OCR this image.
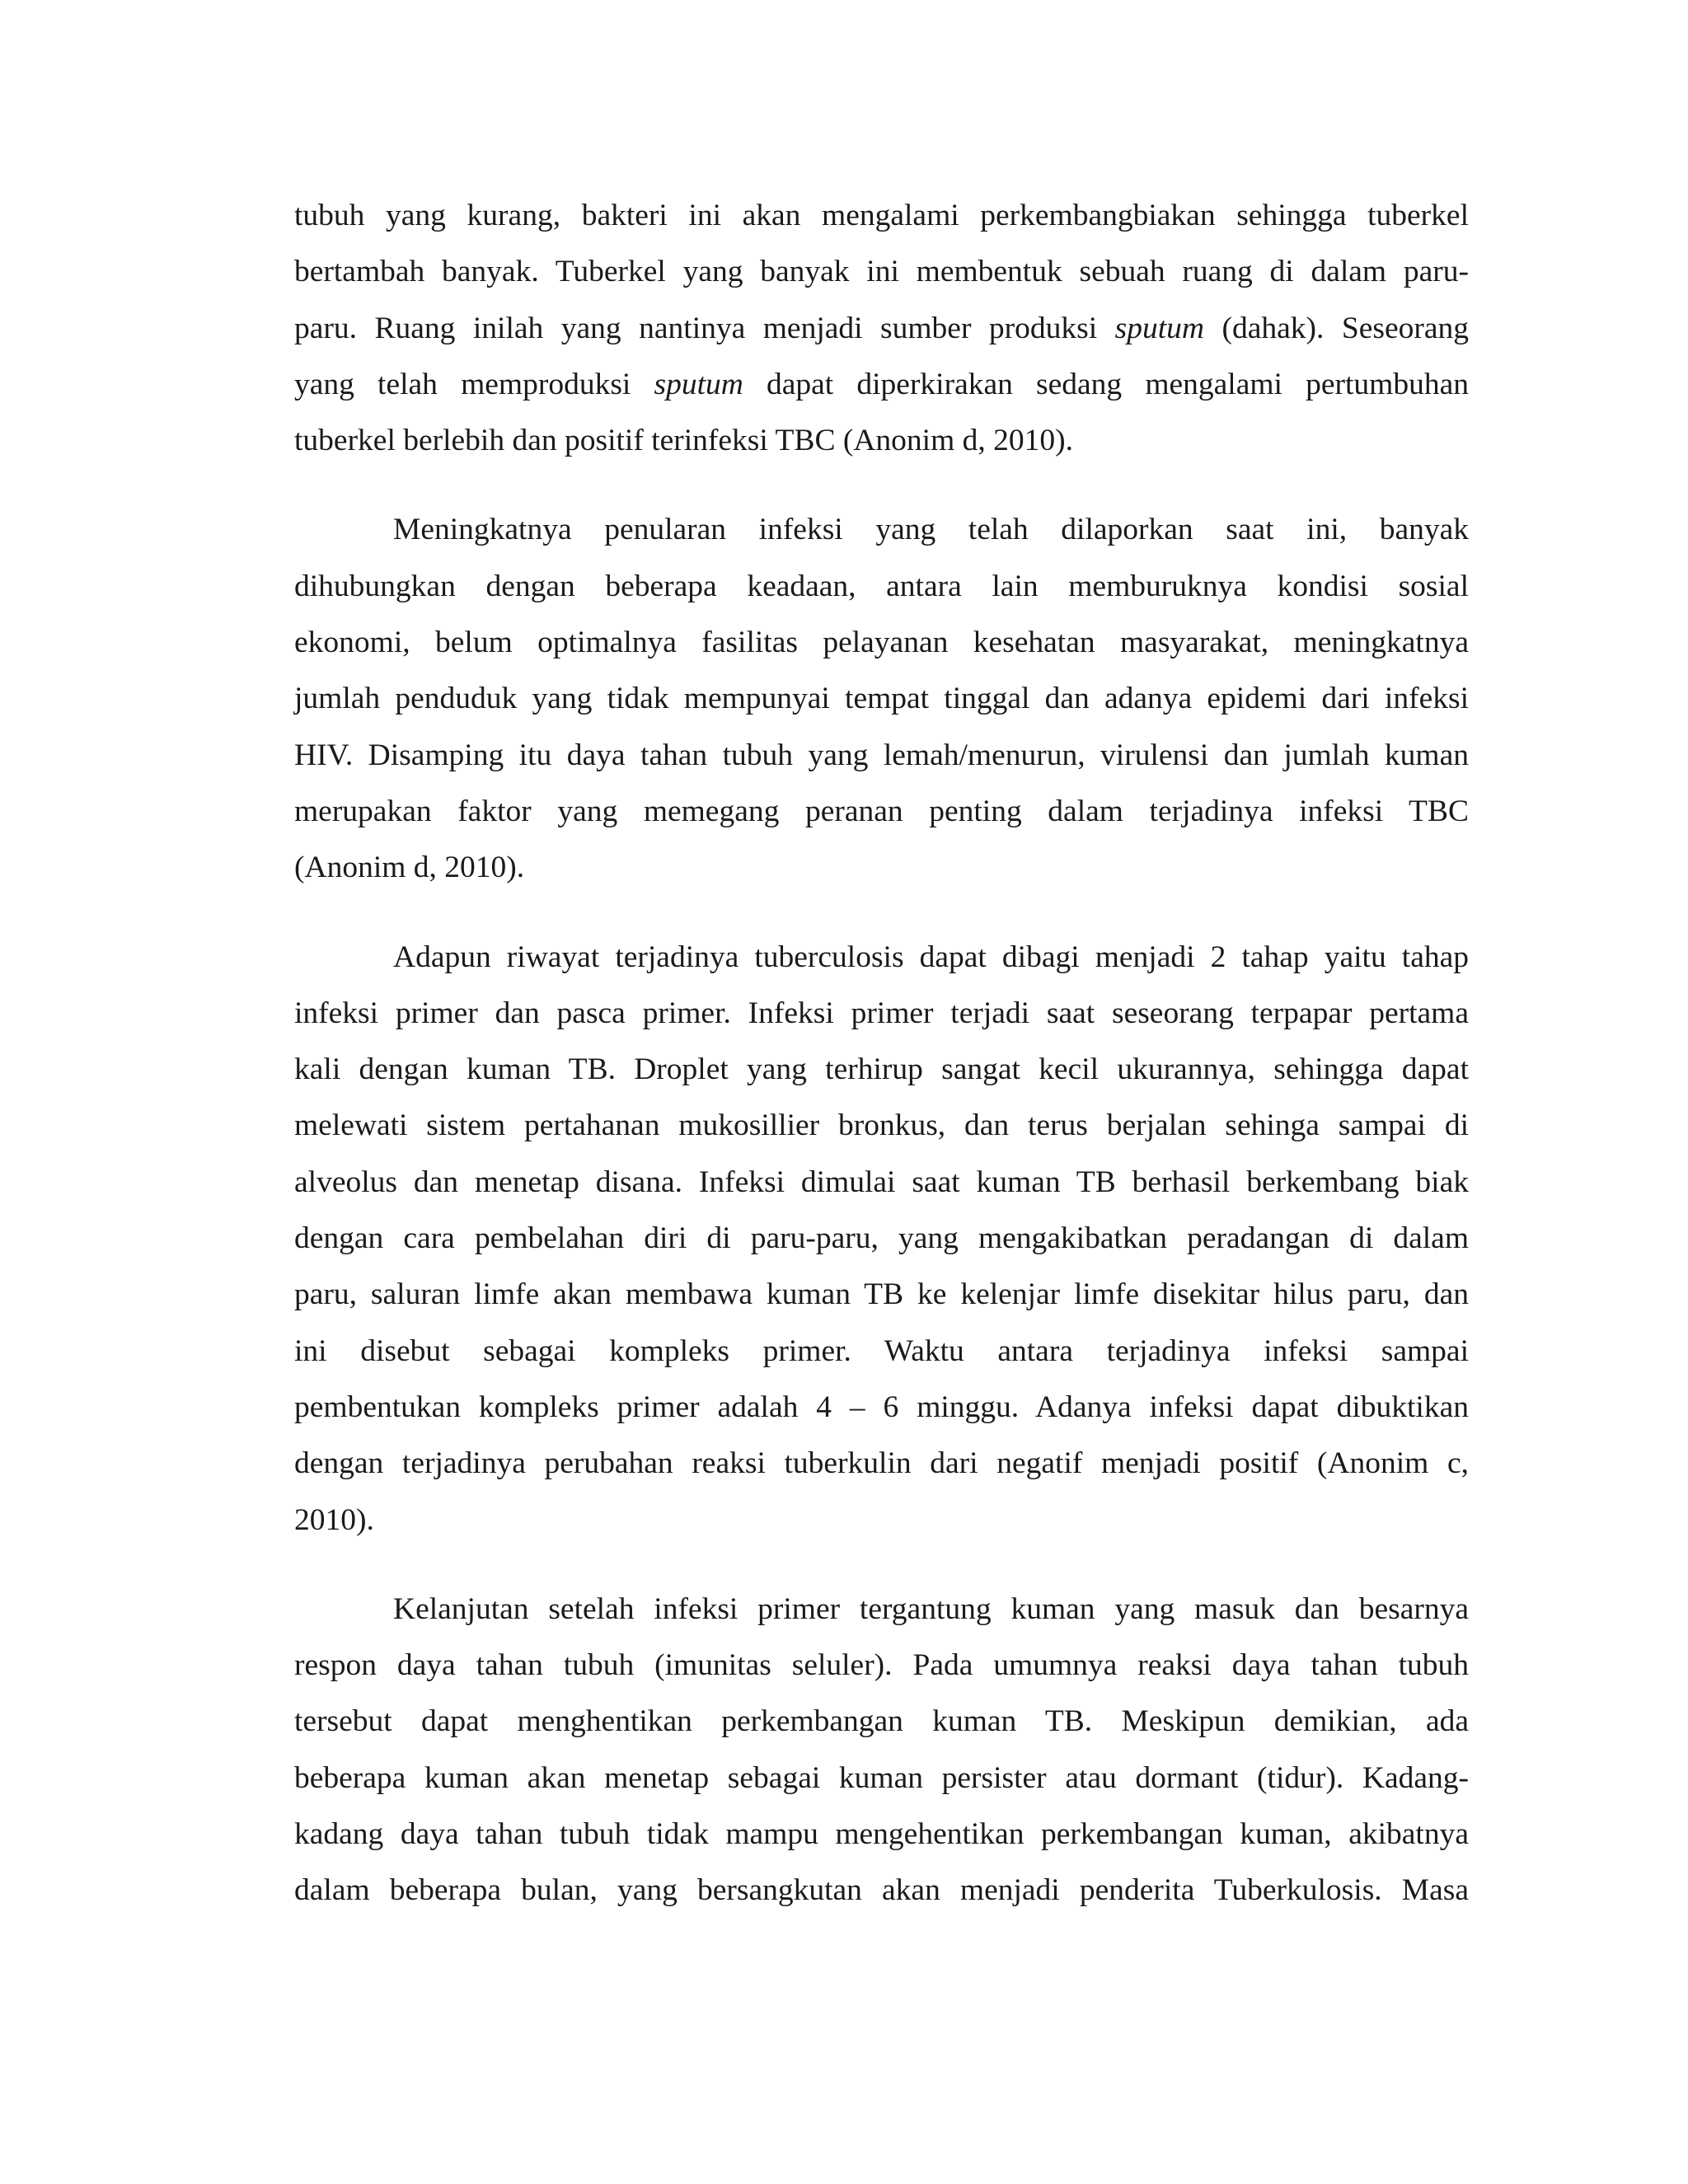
tubuh yang kurang, bakteri ini akan mengalami perkembangbiakan sehingga tuberkel
bertambah banyak. Tuberkel yang banyak ini membentuk sebuah ruang di dalam paru-
paru. Ruang inilah yang nantinya menjadi sumber produksi sputum (dahak). Seseorang
yang telah memproduksi sputum dapat diperkirakan sedang mengalami pertumbuhan
tuberkel berlebih dan positif terinfeksi TBC (Anonim d, 2010).

Meningkatnya penularan infeksi yang telah dilaporkan saat ini, banyak
dihubungkan dengan beberapa keadaan, antara lain memburuknya kondisi sosial
ekonomi, belum optimalnya fasilitas pelayanan kesehatan masyarakat, meningkatnya
jumlah penduduk yang tidak mempunyai tempat tinggal dan adanya epidemi dari infeksi
HIV. Disamping itu daya tahan tubuh yang lemah/menurun, virulensi dan jumlah kuman
merupakan faktor yang memegang peranan penting dalam terjadinya infeksi TBC
(Anonim d, 2010).

Adapun riwayat terjadinya tuberculosis dapat dibagi menjadi 2 tahap yaitu tahap
infeksi primer dan pasca primer. Infeksi primer terjadi saat seseorang terpapar pertama
kali dengan kuman TB. Droplet yang terhirup sangat kecil ukurannya, sehingga dapat
melewati sistem pertahanan mukosillier bronkus, dan terus berjalan sehinga sampai di
alveolus dan menetap disana. Infeksi dimulai saat kuman TB berhasil berkembang biak
dengan cara pembelahan diri di paru-paru, yang mengakibatkan peradangan di dalam
paru, saluran limfe akan membawa kuman TB ke kelenjar limfe disekitar hilus paru, dan
ini disebut sebagai kompleks primer. Waktu antara terjadinya infeksi sampai
pembentukan kompleks primer adalah 4 – 6 minggu. Adanya infeksi dapat dibuktikan
dengan terjadinya perubahan reaksi tuberkulin dari negatif menjadi positif (Anonim c,
2010).

Kelanjutan setelah infeksi primer tergantung kuman yang masuk dan besarnya
respon daya tahan tubuh (imunitas seluler). Pada umumnya reaksi daya tahan tubuh
tersebut dapat menghentikan perkembangan kuman TB. Meskipun demikian, ada
beberapa kuman akan menetap sebagai kuman persister atau dormant (tidur). Kadang-
kadang daya tahan tubuh tidak mampu mengehentikan perkembangan kuman, akibatnya
dalam beberapa bulan, yang bersangkutan akan menjadi penderita Tuberkulosis. Masa
